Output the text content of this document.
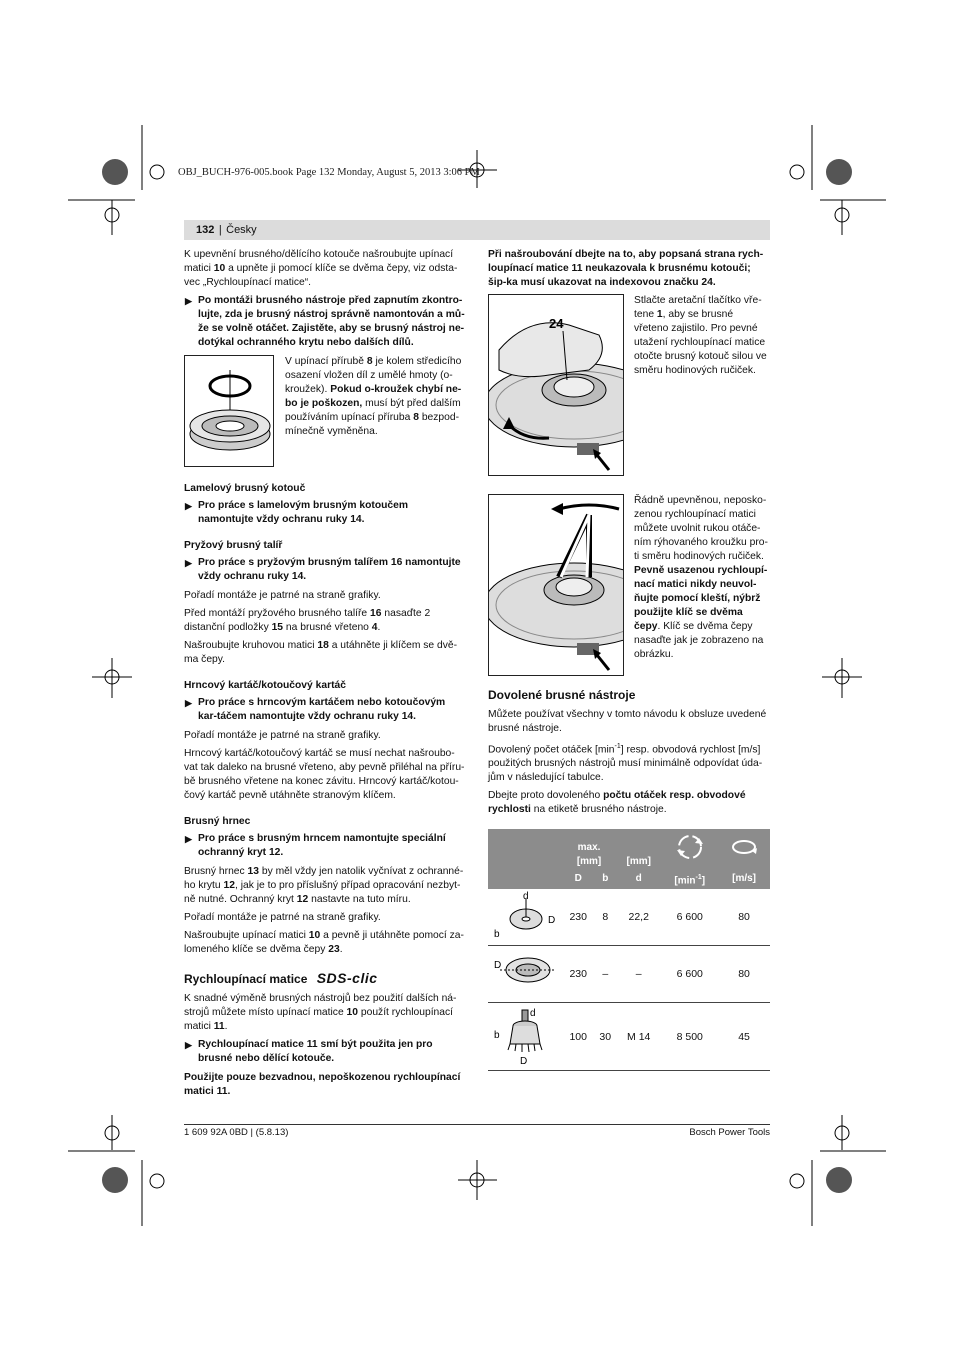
OBJ_BUCH-976-005.book Page 132 Monday, August 5, 2013 3:06 PM
132 | Česky

K upevnění brusného/dělícího kotouče našroubujte upínací matici 10 a upněte ji pomocí klíče se dvěma čepy, viz odsta-vec „Rychloupínací matice“.

▶ Po montáži brusného nástroje před zapnutím zkontro-lujte, zda je brusný nástroj správně namontován a mů-že se volně otáčet. Zajistěte, aby se brusný nástroj ne-dotýkal ochranného krytu nebo dalších dílů.

V upínací přírubě 8 je kolem středicího osazení vložen díl z umělé hmoty (o-kroužek). Pokud o-kroužek chybí ne-bo je poškozen, musí být před dalším používáním upínací příruba 8 bezpod-mínečně vyměněna.

Lamelový brusný kotouč
▶ Pro práce s lamelovým brusným kotoučem namontujte vždy ochranu ruky 14.
Pryžový brusný talíř
▶ Pro práce s pryžovým brusným talířem 16 namontujte vždy ochranu ruky 14.

Pořadí montáže je patrné na straně grafiky.

Před montáží pryžového brusného talíře 16 nasaďte 2 distanční podložky 15 na brusné vřeteno 4.

Našroubujte kruhovou matici 18 a utáhněte ji klíčem se dvě-ma čepy.

Hrncový kartáč/kotoučový kartáč
▶ Pro práce s hrncovým kartáčem nebo kotoučovým kar-táčem namontujte vždy ochranu ruky 14.

Pořadí montáže je patrné na straně grafiky.

Hrncový kartáč/kotoučový kartáč se musí nechat našroubo-vat tak daleko na brusné vřeteno, aby pevně přiléhal na příru-bě brusného vřetene na konec závitu. Hrncový kartáč/kotou-čový kartáč pevně utáhněte stranovým klíčem.

Brusný hrnec
▶ Pro práce s brusným hrncem namontujte speciální ochranný kryt 12.

Brusný hrnec 13 by měl vždy jen natolik vyčnívat z ochranné-ho krytu 12, jak je to pro příslušný případ opracování nezbyt-ně nutné. Ochranný kryt 12 nastavte na tuto míru.

Pořadí montáže je patrné na straně grafiky.

Našroubujte upínací matici 10 a pevně ji utáhněte pomocí za-lomeného klíče se dvěma čepy 23.

Rychloupínací matice SDS-clic

K snadné výměně brusných nástrojů bez použití dalších ná-strojů můžete místo upínací matice 10 použít rychloupínací matici 11.

▶ Rychloupínací matice 11 smí být použita jen pro brusné nebo dělící kotouče.

Použijte pouze bezvadnou, nepoškozenou rychloupínací matici 11.

Při našroubování dbejte na to, aby popsaná strana rych-loupínací matice 11 neukazovala k brusnému kotouči; šip-ka musí ukazovat na indexovou značku 24.

24

Stlačte aretační tlačítko vře-tene 1, aby se brusné vřeteno zajistilo. Pro pevné utažení rychloupínací matice otočte brusný kotouč silou ve směru hodinových ručiček.

Řádně upevněnou, neposko-zenou rychloupínací matici můžete uvolnit rukou otáče-ním rýhovaného kroužku pro-ti směru hodinových ručiček. Pevně usazenou rychloupí-nací matici nikdy neuvol-ňujte pomocí kleští, nýbrž použijte klíč se dvěma čepy. Klíč se dvěma čepy nasaďte jak je zobrazeno na obrázku.

Dovolené brusné nástroje

Můžete používat všechny v tomto návodu k obsluze uvedené brusné nástroje.

Dovolený počet otáček $[\min^{-1}]$ resp. obvodová rychlost [m/s] použitých brusných nástrojů musí minimálně odpovídat úda-jům v následující tabulce.

Dbejte proto dovoleného počtu otáček resp. obvodové rychlosti na etiketě brusného nástroje.

	max.
[mm]		[mm]		
	D	b	d	$[\min^{-1}]$	[m/s]

d
b
D	230	8	22,2	6 600	80

D	230	–	–	6 600	80

d
b
D	100	30	M 14	8 500	45
1 609 92A 0BD | (5.8.13)	Bosch Power Tools
